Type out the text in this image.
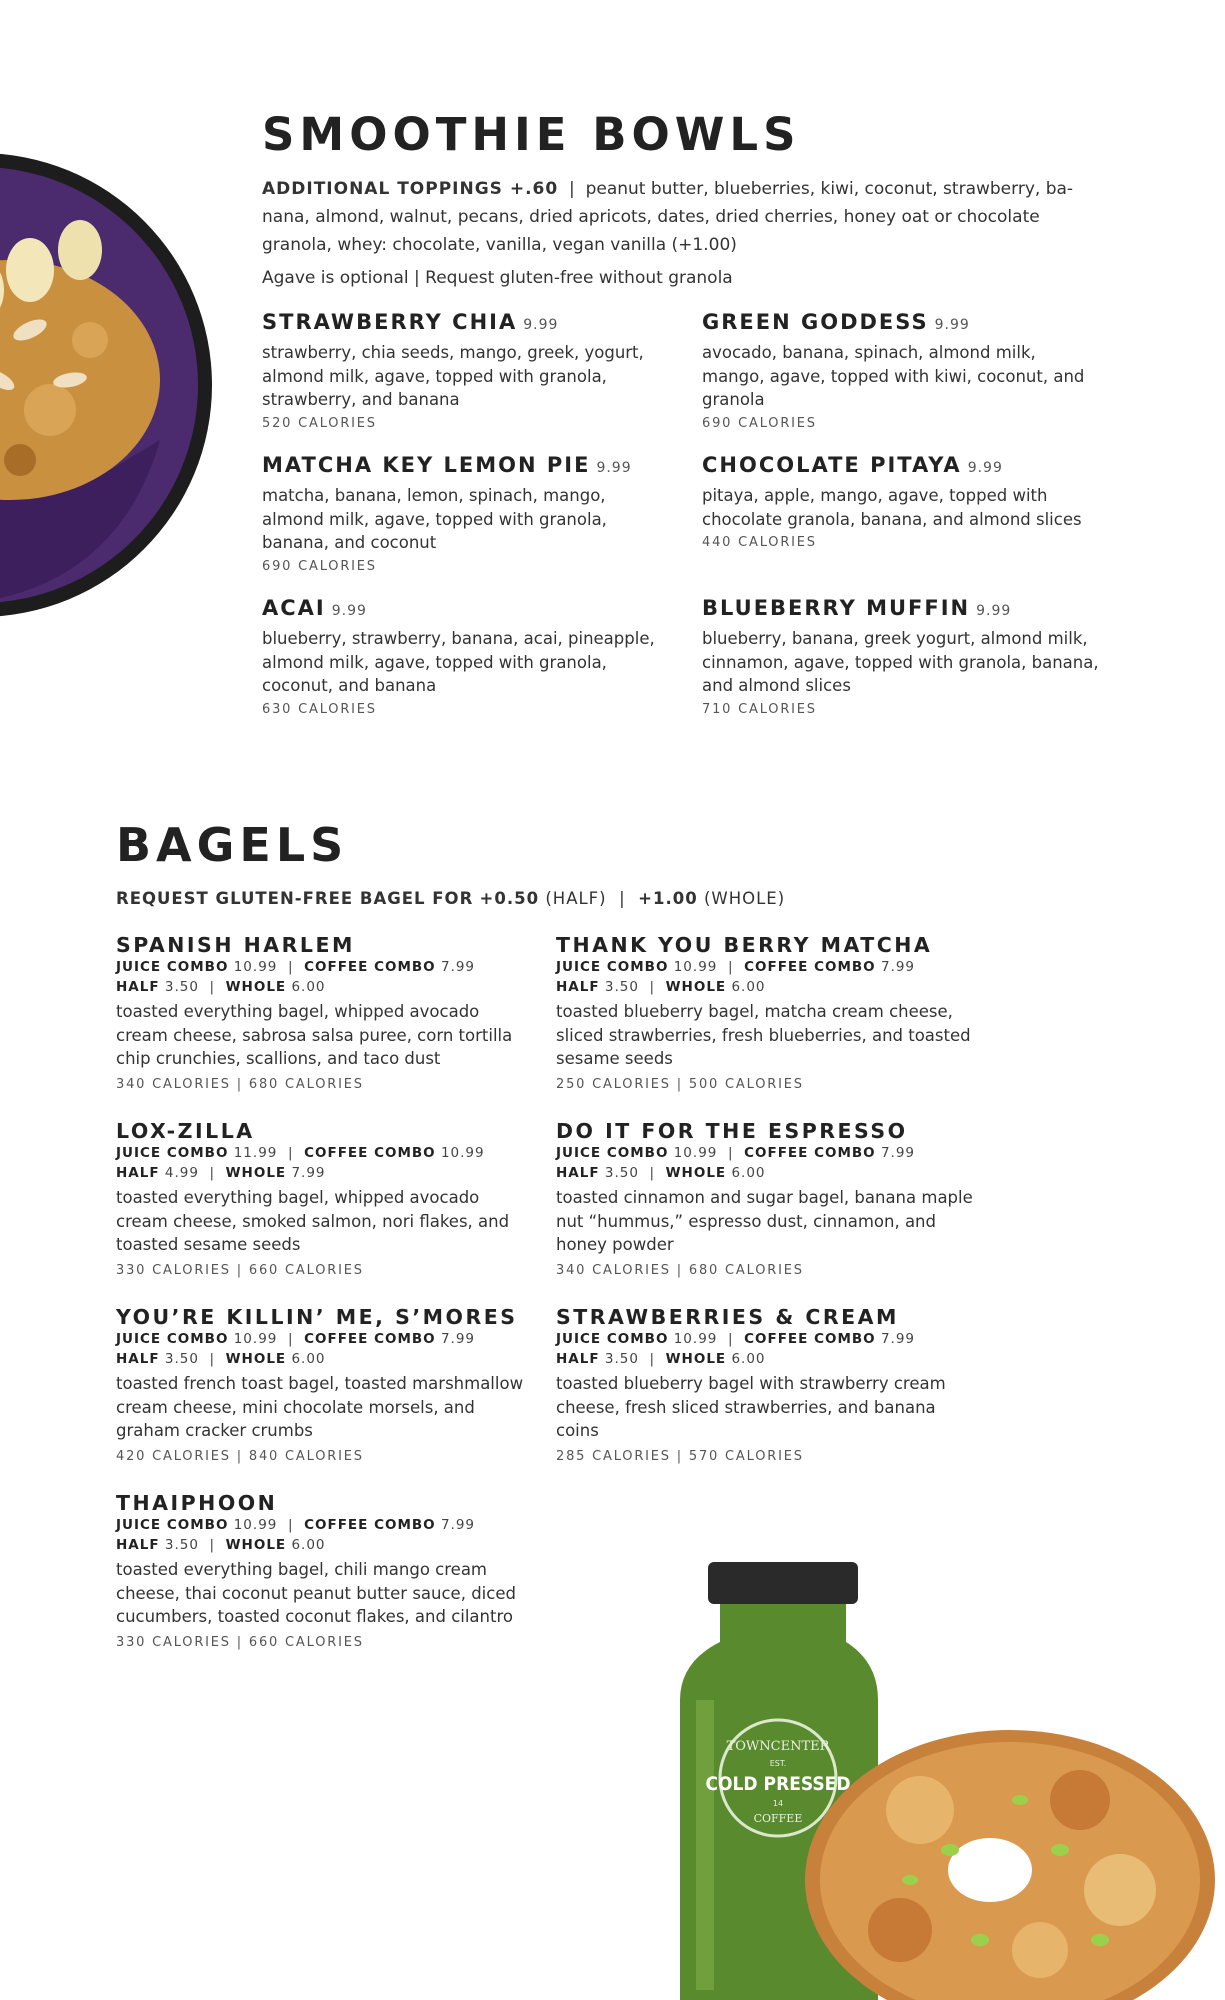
SMOOTHIE BOWLS
ADDITIONAL TOPPINGS +.60  |  peanut butter, blueberries, kiwi, coconut, strawberry, ba-nana, almond, walnut, pecans, dried apricots, dates, dried cherries, honey oat or chocolate granola, whey: chocolate, vanilla, vegan vanilla (+1.00)
Agave is optional | Request gluten-free without granola
STRAWBERRY CHIA 9.99
strawberry, chia seeds, mango, greek, yogurt, almond milk, agave, topped with granola, strawberry, and banana
520 CALORIES
GREEN GODDESS 9.99
avocado, banana, spinach, almond milk, mango, agave, topped with kiwi, coconut, and granola
690 CALORIES
MATCHA KEY LEMON PIE 9.99
matcha, banana, lemon, spinach, mango, almond milk, agave, topped with granola, banana, and coconut
690 CALORIES
CHOCOLATE PITAYA 9.99
pitaya, apple, mango, agave, topped with chocolate granola, banana, and almond slices
440 CALORIES
ACAI 9.99
blueberry, strawberry, banana, acai, pineapple, almond milk, agave, topped with granola, coconut, and banana
630 CALORIES
BLUEBERRY MUFFIN 9.99
blueberry, banana, greek yogurt, almond milk, cinnamon, agave, topped with granola, banana, and almond slices
710 CALORIES
BAGELS
REQUEST GLUTEN-FREE BAGEL FOR +0.50 (HALF)  |  +1.00 (WHOLE)
SPANISH HARLEM
JUICE COMBO 10.99  |  COFFEE COMBO 7.99
HALF 3.50  |  WHOLE 6.00
toasted everything bagel, whipped avocado cream cheese, sabrosa salsa puree, corn tortilla chip crunchies, scallions, and taco dust
340 CALORIES | 680 CALORIES
THANK YOU BERRY MATCHA
JUICE COMBO 10.99  |  COFFEE COMBO 7.99
HALF 3.50  |  WHOLE 6.00
toasted blueberry bagel, matcha cream cheese, sliced strawberries, fresh blueberries, and toasted sesame seeds
250 CALORIES | 500 CALORIES
LOX-ZILLA
JUICE COMBO 11.99  |  COFFEE COMBO 10.99
HALF 4.99  |  WHOLE 7.99
toasted everything bagel, whipped avocado cream cheese, smoked salmon, nori flakes, and toasted sesame seeds
330 CALORIES | 660 CALORIES
DO IT FOR THE ESPRESSO
JUICE COMBO 10.99  |  COFFEE COMBO 7.99
HALF 3.50  |  WHOLE 6.00
toasted cinnamon and sugar bagel, banana maple nut “hummus,” espresso dust, cinnamon, and honey powder
340 CALORIES | 680 CALORIES
YOU’RE KILLIN’ ME, S’MORES
JUICE COMBO 10.99  |  COFFEE COMBO 7.99
HALF 3.50  |  WHOLE 6.00
toasted french toast bagel, toasted marshmallow cream cheese, mini chocolate morsels, and graham cracker crumbs
420 CALORIES | 840 CALORIES
STRAWBERRIES & CREAM
JUICE COMBO 10.99  |  COFFEE COMBO 7.99
HALF 3.50  |  WHOLE 6.00
toasted blueberry bagel with strawberry cream cheese, fresh sliced strawberries, and banana coins
285 CALORIES | 570 CALORIES
THAIPHOON
JUICE COMBO 10.99  |  COFFEE COMBO 7.99
HALF 3.50  |  WHOLE 6.00
toasted everything bagel, chili mango cream cheese, thai coconut peanut butter sauce, diced cucumbers, toasted coconut flakes, and cilantro
330 CALORIES | 660 CALORIES
TOWNCENTER
EST.
COLD PRESSED
14
COFFEE
